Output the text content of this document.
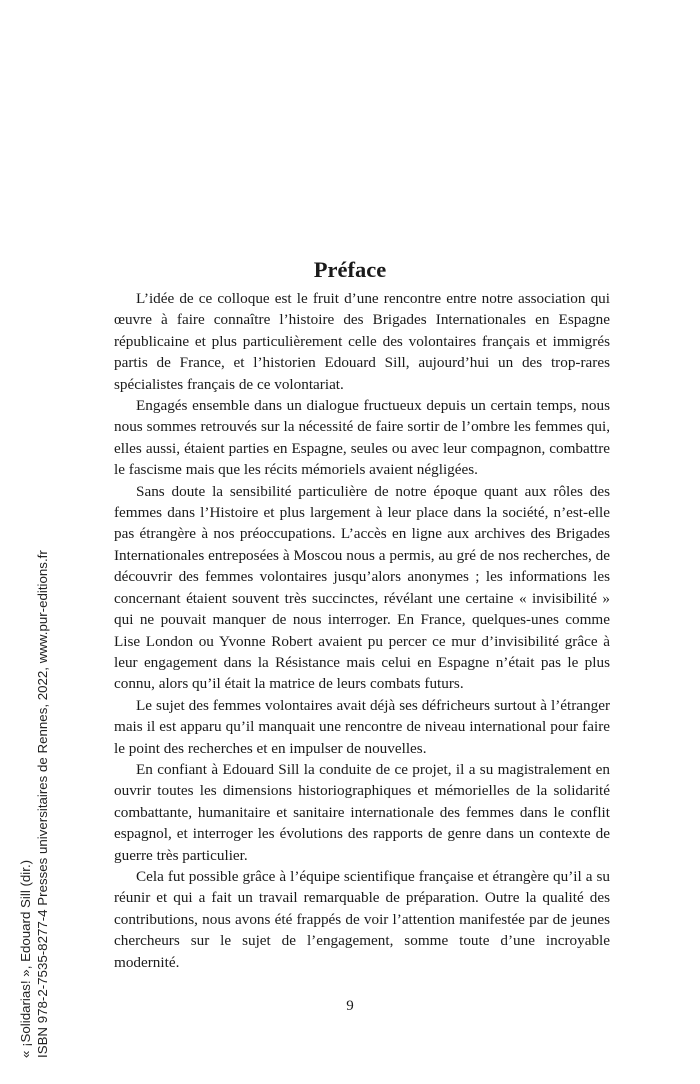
Préface

L’idée de ce colloque est le fruit d’une rencontre entre notre association qui œuvre à faire connaître l’histoire des Brigades Internationales en Espagne républicaine et plus particulièrement celle des volontaires français et immigrés partis de France, et l’historien Edouard Sill, aujourd’hui un des trop-rares spécialistes français de ce volontariat.

Engagés ensemble dans un dialogue fructueux depuis un certain temps, nous nous sommes retrouvés sur la nécessité de faire sortir de l’ombre les femmes qui, elles aussi, étaient parties en Espagne, seules ou avec leur compagnon, combattre le fascisme mais que les récits mémoriels avaient négligées.

Sans doute la sensibilité particulière de notre époque quant aux rôles des femmes dans l’Histoire et plus largement à leur place dans la société, n’est-elle pas étrangère à nos préoccupations. L’accès en ligne aux archives des Brigades Internationales entreposées à Moscou nous a permis, au gré de nos recherches, de découvrir des femmes volontaires jusqu’alors anonymes ; les informations les concernant étaient souvent très succinctes, révélant une certaine « invisibilité » qui ne pouvait manquer de nous interroger. En France, quelques-unes comme Lise London ou Yvonne Robert avaient pu percer ce mur d’invisibilité grâce à leur engagement dans la Résistance mais celui en Espagne n’était pas le plus connu, alors qu’il était la matrice de leurs combats futurs.

Le sujet des femmes volontaires avait déjà ses défricheurs surtout à l’étranger mais il est apparu qu’il manquait une rencontre de niveau international pour faire le point des recherches et en impulser de nouvelles.

En confiant à Edouard Sill la conduite de ce projet, il a su magistralement en ouvrir toutes les dimensions historiographiques et mémorielles de la solidarité combattante, humanitaire et sanitaire internationale des femmes dans le conflit espagnol, et interroger les évolutions des rapports de genre dans un contexte de guerre très particulier.

Cela fut possible grâce à l’équipe scientifique française et étrangère qu’il a su réunir et qui a fait un travail remarquable de préparation. Outre la qualité des contributions, nous avons été frappés de voir l’attention manifestée par de jeunes chercheurs sur le sujet de l’engagement, somme toute d’une incroyable modernité.

9
« ¡Solidarias! », Edouard Sill (dir.) ISBN 978-2-7535-8277-4 Presses universitaires de Rennes, 2022, www.pur-editions.fr
